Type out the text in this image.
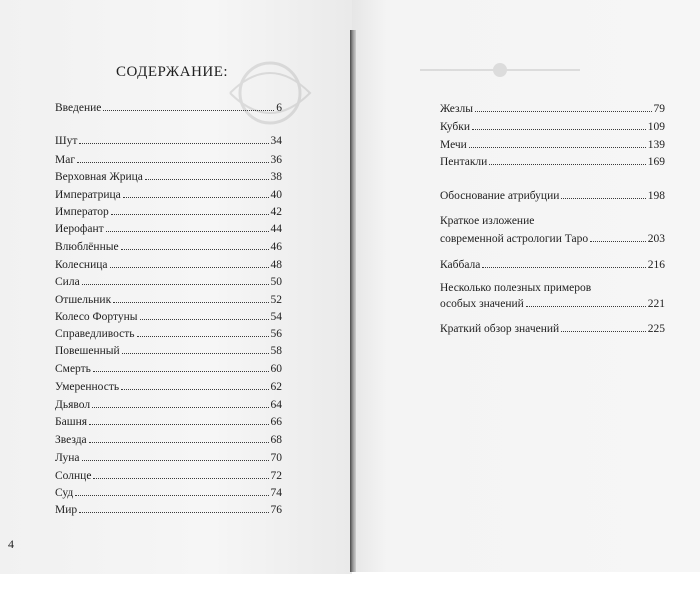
СОДЕРЖАНИЕ:
Введение	6
Шут	34
Маг	36
Верховная Жрица	38
Императрица	40
Император	42
Иерофант	44
Влюблённые	46
Колесница	48
Сила	50
Отшельник	52
Колесо Фортуны	54
Справедливость	56
Повешенный	58
Смерть	60
Умеренность	62
Дьявол	64
Башня	66
Звезда	68
Луна	70
Солнце	72
Суд	74
Мир	76
Жезлы	79
Кубки	109
Мечи	139
Пентакли	169
Обоснование атрибуции	198
Краткое изложение
современной астрологии Таро	203
Каббала	216
Несколько полезных примеров
особых значений	221
Краткий обзор значений	225
4
